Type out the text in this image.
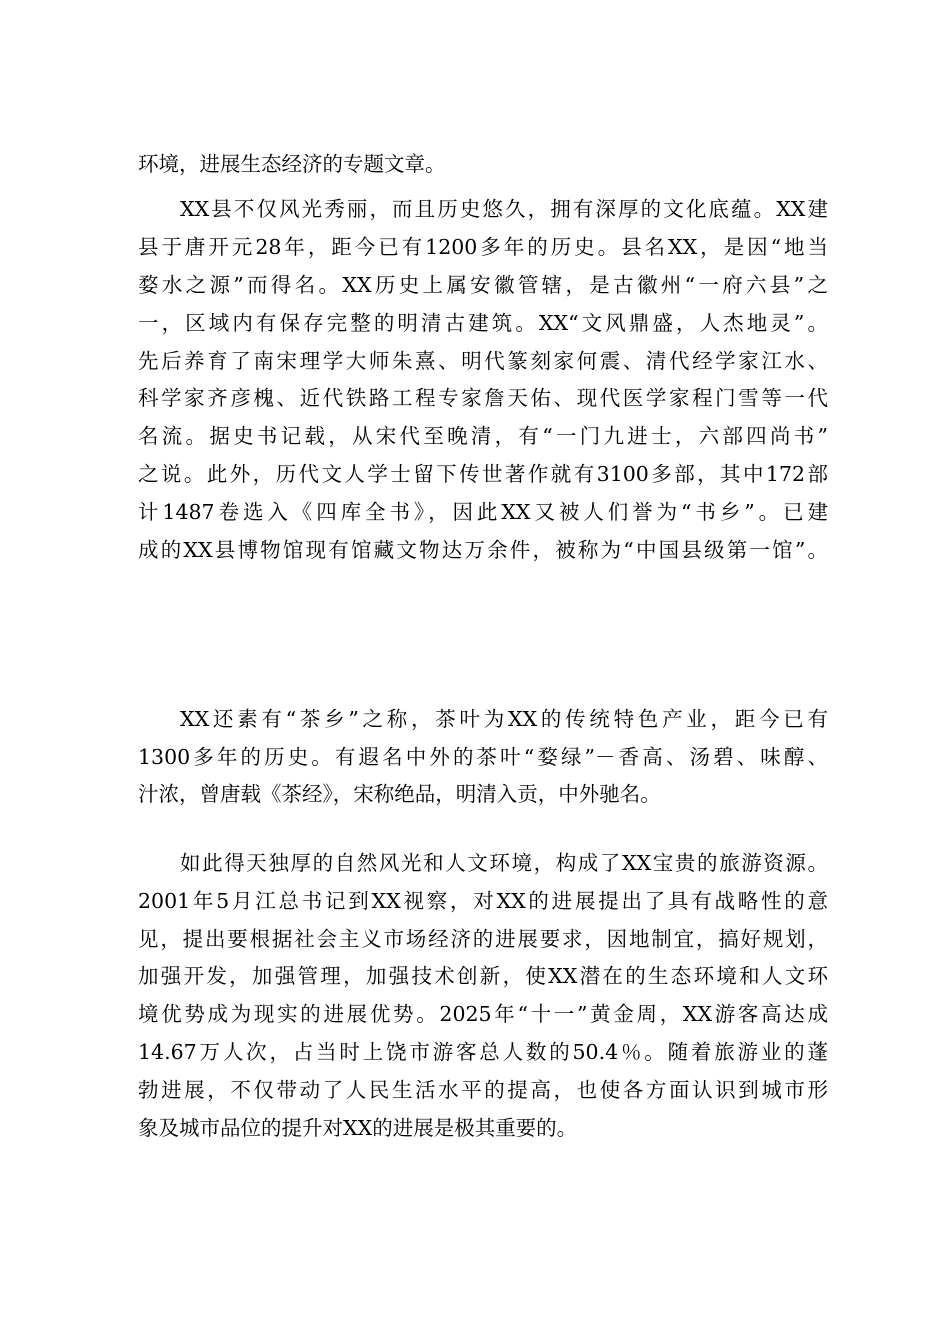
环境，进展生态经济的专题文章。
XX县不仅风光秀丽，而且历史悠久，拥有深厚的文化底蕴。XX建
县于唐开元28年，距今已有1200多年的历史。县名XX，是因“地当
婺水之源”而得名。XX历史上属安徽管辖，是古徽州“一府六县”之
一，区域内有保存完整的明清古建筑。XX“文风鼎盛，人杰地灵”。
先后养育了南宋理学大师朱熹、明代篆刻家何震、清代经学家江水、
科学家齐彦槐、近代铁路工程专家詹天佑、现代医学家程门雪等一代
名流。据史书记载，从宋代至晚清，有“一门九进士，六部四尚书”
之说。此外，历代文人学士留下传世著作就有3100多部，其中172部
计1487卷选入《四库全书》，因此XX又被人们誉为“书乡”。已建
成的XX县博物馆现有馆藏文物达万余件，被称为“中国县级第一馆”。
XX还素有“茶乡”之称，茶叶为XX的传统特色产业，距今已有
1300多年的历史。有遐名中外的茶叶“婺绿”－香高、汤碧、味醇、
汁浓，曾唐载《茶经》，宋称绝品，明清入贡，中外驰名。
如此得天独厚的自然风光和人文环境，构成了XX宝贵的旅游资源。
2001年5月江总书记到XX视察，对XX的进展提出了具有战略性的意
见，提出要根据社会主义市场经济的进展要求，因地制宜，搞好规划，
加强开发，加强管理，加强技术创新，使XX潜在的生态环境和人文环
境优势成为现实的进展优势。2025年“十一”黄金周，XX游客高达成
14.67万人次，占当时上饶市游客总人数的50.4％。随着旅游业的蓬
勃进展，不仅带动了人民生活水平的提高，也使各方面认识到城市形
象及城市品位的提升对XX的进展是极其重要的。
